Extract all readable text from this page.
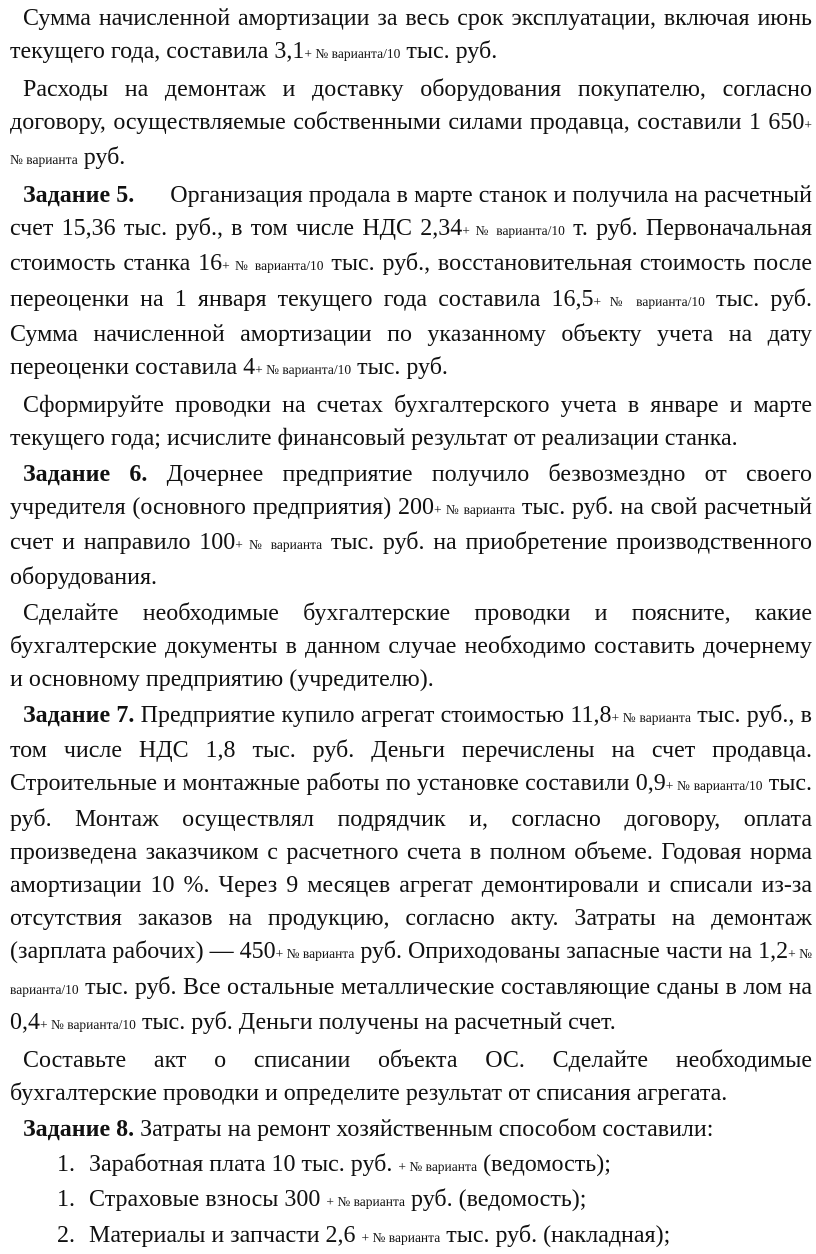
Сумма начисленной амортизации за весь срок эксплуатации, включая июнь текущего года, составила 3,1+ № варианта/10 тыс. руб.

Расходы на демонтаж и доставку оборудования покупателю, согласно договору, осуществляемые собственными силами продавца, составили 1 650+ № варианта руб.

Задание 5.  Организация продала в марте станок и получила на расчетный счет 15,36 тыс. руб., в том числе НДС 2,34+ № варианта/10 т. руб. Первоначальная стоимость станка 16+ № варианта/10 тыс. руб., восстановительная стоимость после переоценки на 1 января текущего года составила 16,5+ № варианта/10 тыс. руб. Сумма начисленной амортизации по указанному объекту учета на дату переоценки составила 4+ № варианта/10 тыс. руб.

Сформируйте проводки на счетах бухгалтерского учета в январе и марте текущего года; исчислите финансовый результат от реализации станка.

Задание 6. Дочернее предприятие получило безвозмездно от своего учредителя (основного предприятия) 200+ № варианта тыс. руб. на свой расчетный счет и направило 100+ № варианта тыс. руб. на приобретение производственного оборудования.

Сделайте необходимые бухгалтерские проводки и поясните, какие бухгалтерские документы в данном случае необходимо составить дочернему и основному предприятию (учредителю).

Задание 7. Предприятие купило агрегат стоимостью 11,8+ № варианта тыс. руб., в том числе НДС 1,8 тыс. руб. Деньги перечислены на счет продавца. Строительные и монтажные работы по установке составили 0,9+ № варианта/10 тыс. руб. Монтаж осуществлял подрядчик и, согласно договору, оплата произведена заказчиком с расчетного счета в полном объеме. Годовая норма амортизации 10 %. Через 9 месяцев агрегат демонтировали и списали из-за отсутствия заказов на продукцию, согласно акту. Затраты на демонтаж (зарплата рабочих) — 450+ № варианта руб. Оприходованы запасные части на 1,2+ № варианта/10 тыс. руб. Все остальные металлические составляющие сданы в лом на 0,4+ № варианта/10 тыс. руб. Деньги получены на расчетный счет.

Составьте акт о списании объекта ОС. Сделайте необходимые бухгалтерские проводки и определите результат от списания агрегата.

Задание 8. Затраты на ремонт хозяйственным способом составили:

1. Заработная плата 10 тыс. руб. + № варианта (ведомость);
1. Страховые взносы 300 + № варианта руб. (ведомость);
2. Материалы и запчасти 2,6 + № варианта тыс. руб. (накладная);
